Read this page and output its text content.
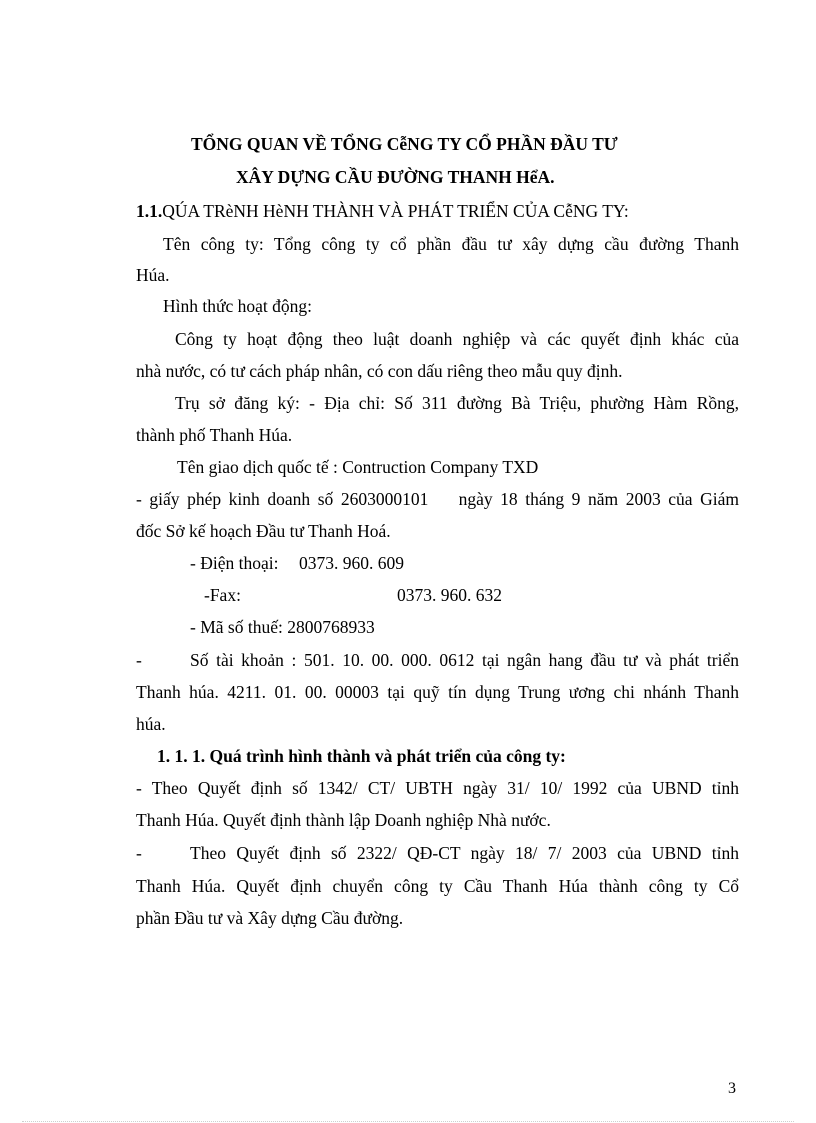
TỔNG QUAN VỀ TỔNG CễNG TY CỔ PHẦN ĐẦU TƯ
XÂY DỰNG CẦU ĐƯỜNG THANH HểA.
1.1.QÚA TRèNH HèNH THÀNH VÀ PHÁT TRIỂN CỦA CễNG TY:
Tên công ty: Tổng công ty cổ phần đầu tư xây dựng cầu đường Thanh
Húa.
Hình thức hoạt động:
Công ty hoạt động theo luật doanh nghiệp và các quyết định khác của
nhà nước, có tư cách pháp nhân, có con dấu riêng theo mẫu quy định.
Trụ sở đăng ký: - Địa chỉ: Số 311 đường Bà Triệu, phường Hàm Rồng,
thành phố Thanh Húa.
Tên giao dịch quốc tế : Contruction Company TXD
- giấy phép kinh doanh số 2603000101    ngày 18 tháng 9 năm 2003 của Giám
đốc Sở kế hoạch Đầu tư Thanh Hoá.
- Điện thoại: 0373. 960. 609
-Fax:	0373. 960. 632
- Mã số thuế: 2800768933
-	Số tài khoản : 501. 10. 00. 000. 0612 tại ngân hang đầu tư và phát triển
Thanh húa. 4211. 01. 00. 00003 tại quỹ tín dụng Trung ương chi nhánh Thanh
húa.
1. 1. 1. Quá trình hình thành và phát triển của công ty:
- Theo Quyết định số 1342/ CT/ UBTH ngày 31/ 10/ 1992 của UBND tỉnh
Thanh Húa. Quyết định thành lập Doanh nghiệp Nhà nước.
-	Theo Quyết định số 2322/ QĐ-CT ngày 18/ 7/ 2003 của UBND tỉnh
Thanh Húa. Quyết định chuyển công ty Cầu Thanh Húa thành công ty Cổ
phần Đầu tư và Xây dựng Cầu đường.
3
